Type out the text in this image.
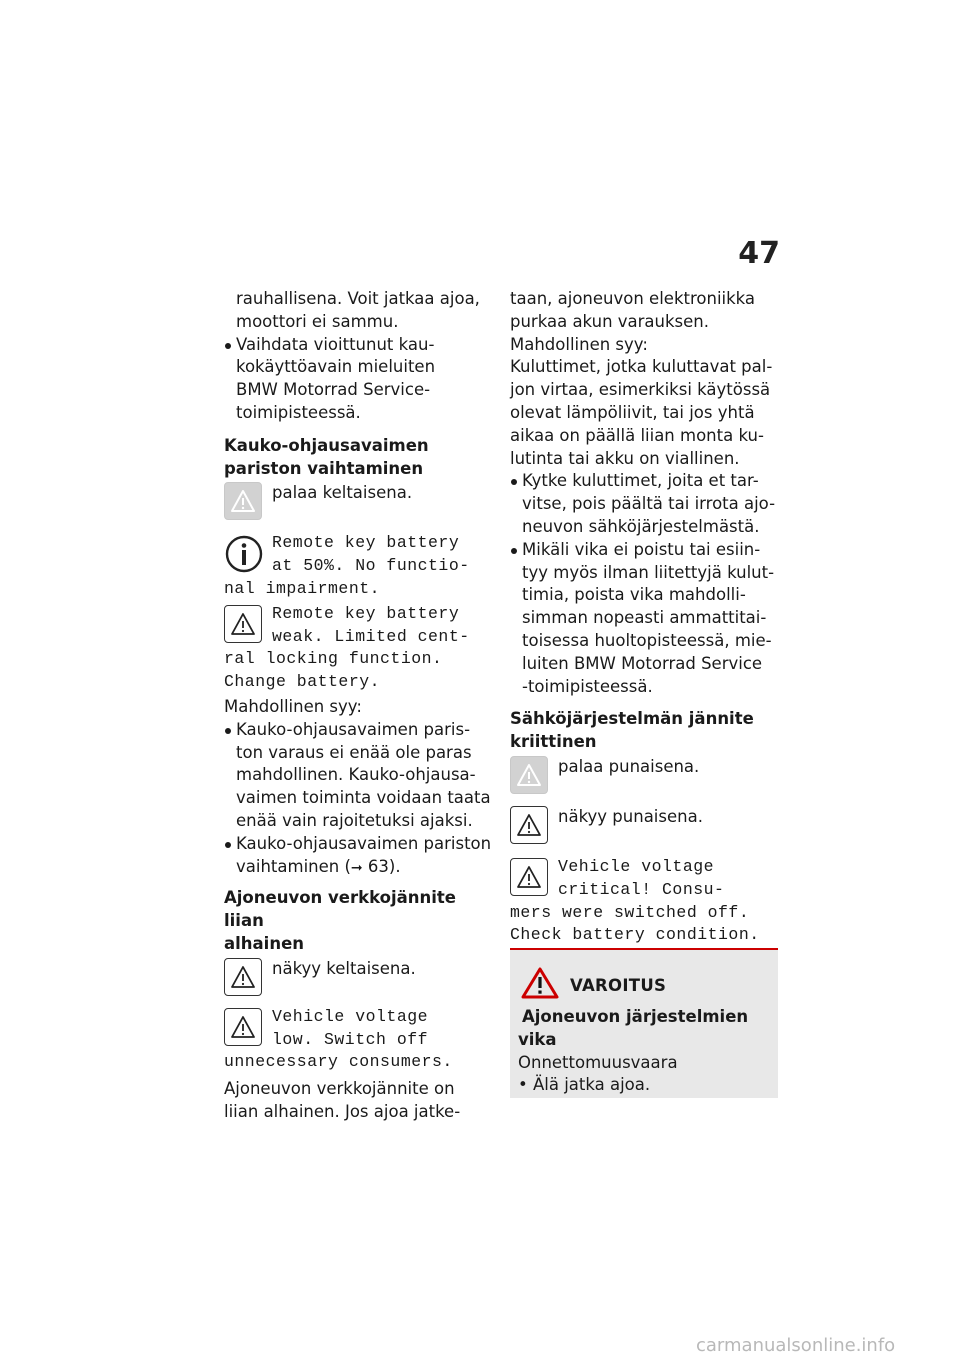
47

rauhallisena. Voit jatkaa ajoa,

moottori ei sammu.

Vaihdata vioittunut kau-
kokäyttöavain mieluiten
BMW Motorrad Service-
toimipisteessä.
Kauko-ohjausavaimen
pariston vaihtaminen

palaa keltaisena.

Remote key battery

at 50%. No functio-

nal impairment.

Remote key battery

weak. Limited cent-

ral locking function.

Change battery.

Mahdollinen syy:

Kauko-ohjausavaimen paris-
ton varaus ei enää ole paras
mahdollinen. Kauko-ohjausa-
vaimen toiminta voidaan taata
enää vain rajoitetuksi ajaksi.
Kauko-ohjausavaimen pariston
vaihtaminen (➞ 63).
Ajoneuvon verkkojännite liian
alhainen

näkyy keltaisena.

Vehicle voltage

low. Switch off

unnecessary consumers.

Ajoneuvon verkkojännite on

liian alhainen. Jos ajoa jatke-

taan, ajoneuvon elektroniikka

purkaa akun varauksen.

Mahdollinen syy:

Kuluttimet, jotka kuluttavat pal-

jon virtaa, esimerkiksi käytössä

olevat lämpöliivit, tai jos yhtä

aikaa on päällä liian monta ku-

lutinta tai akku on viallinen.

Kytke kuluttimet, joita et tar-
vitse, pois päältä tai irrota ajo-
neuvon sähköjärjestelmästä.
Mikäli vika ei poistu tai esiin-
tyy myös ilman liitettyjä kulut-
timia, poista vika mahdolli-
simman nopeasti ammattitai-
toisessa huoltopisteessä, mie-
luiten BMW Motorrad Service
-toimipisteessä.
Sähköjärjestelmän jännite
kriittinen

palaa punaisena.

näkyy punaisena.

Vehicle voltage

critical! Consu-

mers were switched off.

Check battery condition.

VAROITUS
Ajoneuvon järjestelmien
vika

Onnettomuusvaara

• Älä jatka ajoa.

carmanualsonline.info
